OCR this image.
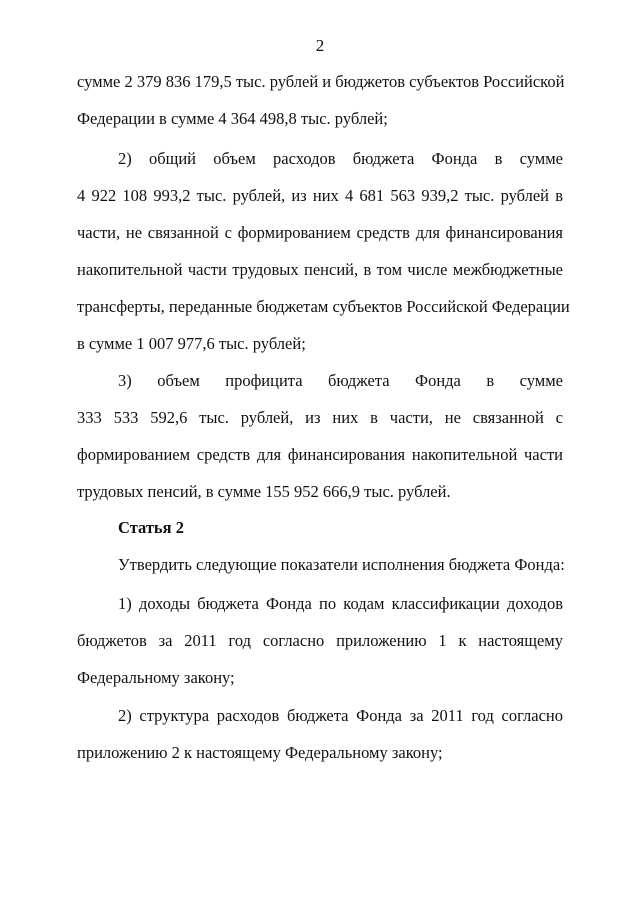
2
сумме 2 379 836 179,5 тыс. рублей и бюджетов субъектов Российской
Федерации в сумме 4 364 498,8 тыс. рублей;
2) общий объем расходов бюджета Фонда в сумме
4 922 108 993,2 тыс. рублей, из них 4 681 563 939,2 тыс. рублей в
части, не связанной с формированием средств для финансирования
накопительной части трудовых пенсий, в том числе межбюджетные
трансферты, переданные бюджетам субъектов Российской Федерации
в сумме 1 007 977,6 тыс. рублей;
3) объем профицита бюджета Фонда в сумме
333 533 592,6 тыс. рублей, из них в части, не связанной с
формированием средств для финансирования накопительной части
трудовых пенсий, в сумме 155 952 666,9 тыс. рублей.
Статья 2
Утвердить следующие показатели исполнения бюджета Фонда:
1) доходы бюджета Фонда по кодам классификации доходов
бюджетов за 2011 год согласно приложению 1 к настоящему
Федеральному закону;
2) структура расходов бюджета Фонда за 2011 год согласно
приложению 2 к настоящему Федеральному закону;
